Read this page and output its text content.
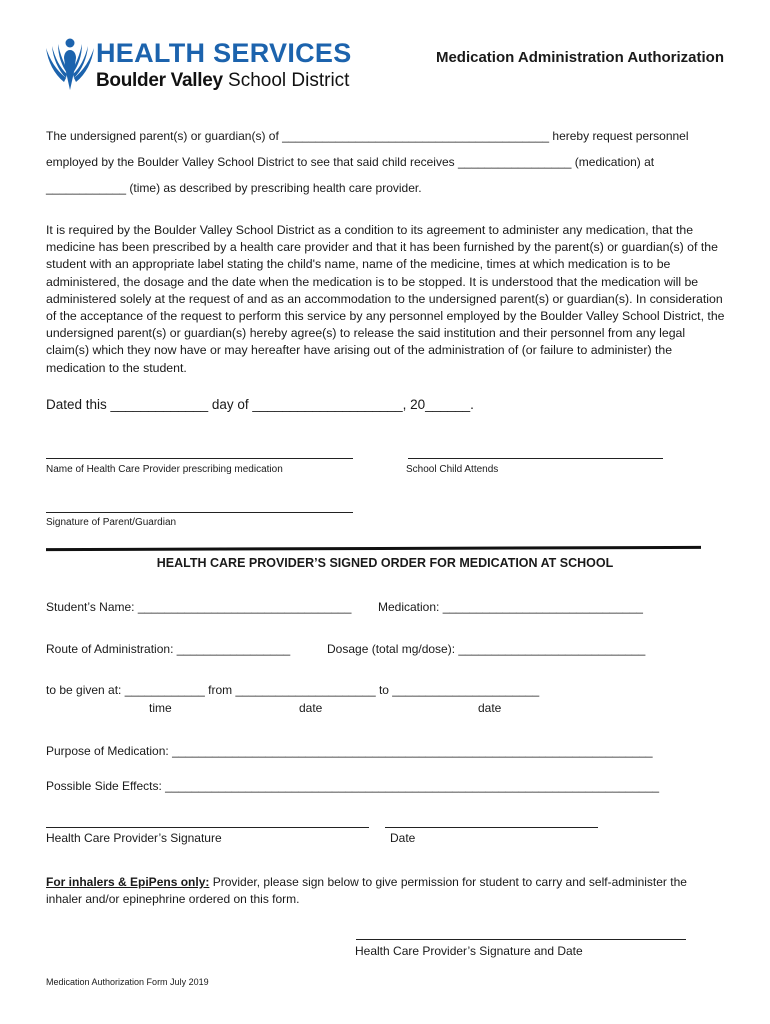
HEALTH SERVICES
Boulder Valley School District
Medication Administration Authorization
The undersigned parent(s) or guardian(s) of ________________________________________ hereby request personnel
employed by the Boulder Valley School District to see that said child receives _________________ (medication) at
____________ (time) as described by prescribing health care provider.
It is required by the Boulder Valley School District as a condition to its agreement to administer any medication, that the medicine has been prescribed by a health care provider and that it has been furnished by the parent(s) or guardian(s) of the student with an appropriate label stating the child's name, name of the medicine, times at which medication is to be administered, the dosage and the date when the medication is to be stopped. It is understood that the medication will be administered solely at the request of and as an accommodation to the undersigned parent(s) or guardian(s). In consideration of the acceptance of the request to perform this service by any personnel employed by the Boulder Valley School District, the undersigned parent(s) or guardian(s) hereby agree(s) to release the said institution and their personnel from any legal claim(s) which they now have or may hereafter have arising out of the administration of (or failure to administer) the medication to the student.
Dated this _____________ day of ____________________, 20______.
Name of Health Care Provider prescribing medication	School Child Attends
Signature of Parent/Guardian
HEALTH CARE PROVIDER’S SIGNED ORDER FOR MEDICATION AT SCHOOL
Student’s Name: ________________________________ Medication: ______________________________
Route of Administration: _________________	Dosage (total mg/dose): ____________________________
to be given at: ____________ from _____________________ to ______________________
time	date	date
Purpose of Medication: ________________________________________________________________________
Possible Side Effects: __________________________________________________________________________
Health Care Provider’s Signature	Date
For inhalers & EpiPens only: Provider, please sign below to give permission for student to carry and self-administer the
inhaler and/or epinephrine ordered on this form.
Health Care Provider’s Signature and Date
Medication Authorization Form July 2019
